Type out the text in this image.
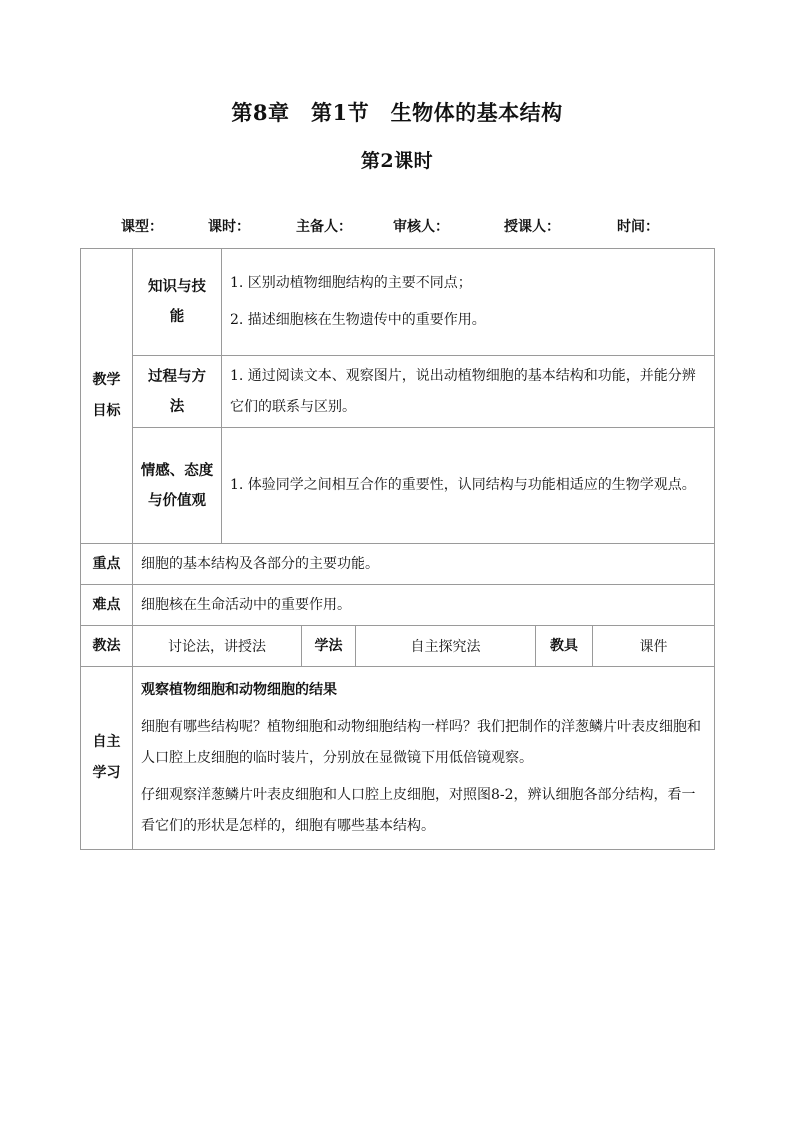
第8章　第1节　生物体的基本结构
第2课时
课型：	课时：	主备人：	审核人：	授课人：	时间：
教学目标	知识与技能	1. 区别动植物细胞结构的主要不同点；

2. 描述细胞核在生物遗传中的重要作用。				

	过程与方法	1. 通过阅读文本、观察图片，说出动植物细胞的基本结构和功能，并能分辨它们的联系与区别。				
	情感、态度与价值观	1. 体验同学之间相互合作的重要性，认同结构与功能相适应的生物学观点。				
重点	细胞的基本结构及各部分的主要功能。					
难点	细胞核在生命活动中的重要作用。					
教法	讨论法，讲授法		学法	自主探究法	教具	课件
自主学习	观察植物细胞和动物细胞的结果

细胞有哪些结构呢？植物细胞和动物细胞结构一样吗？我们把制作的洋葱鳞片叶表皮细胞和人口腔上皮细胞的临时装片，分别放在显微镜下用低倍镜观察。

仔细观察洋葱鳞片叶表皮细胞和人口腔上皮细胞，对照图8-2，辨认细胞各部分结构，看一看它们的形状是怎样的，细胞有哪些基本结构。					
